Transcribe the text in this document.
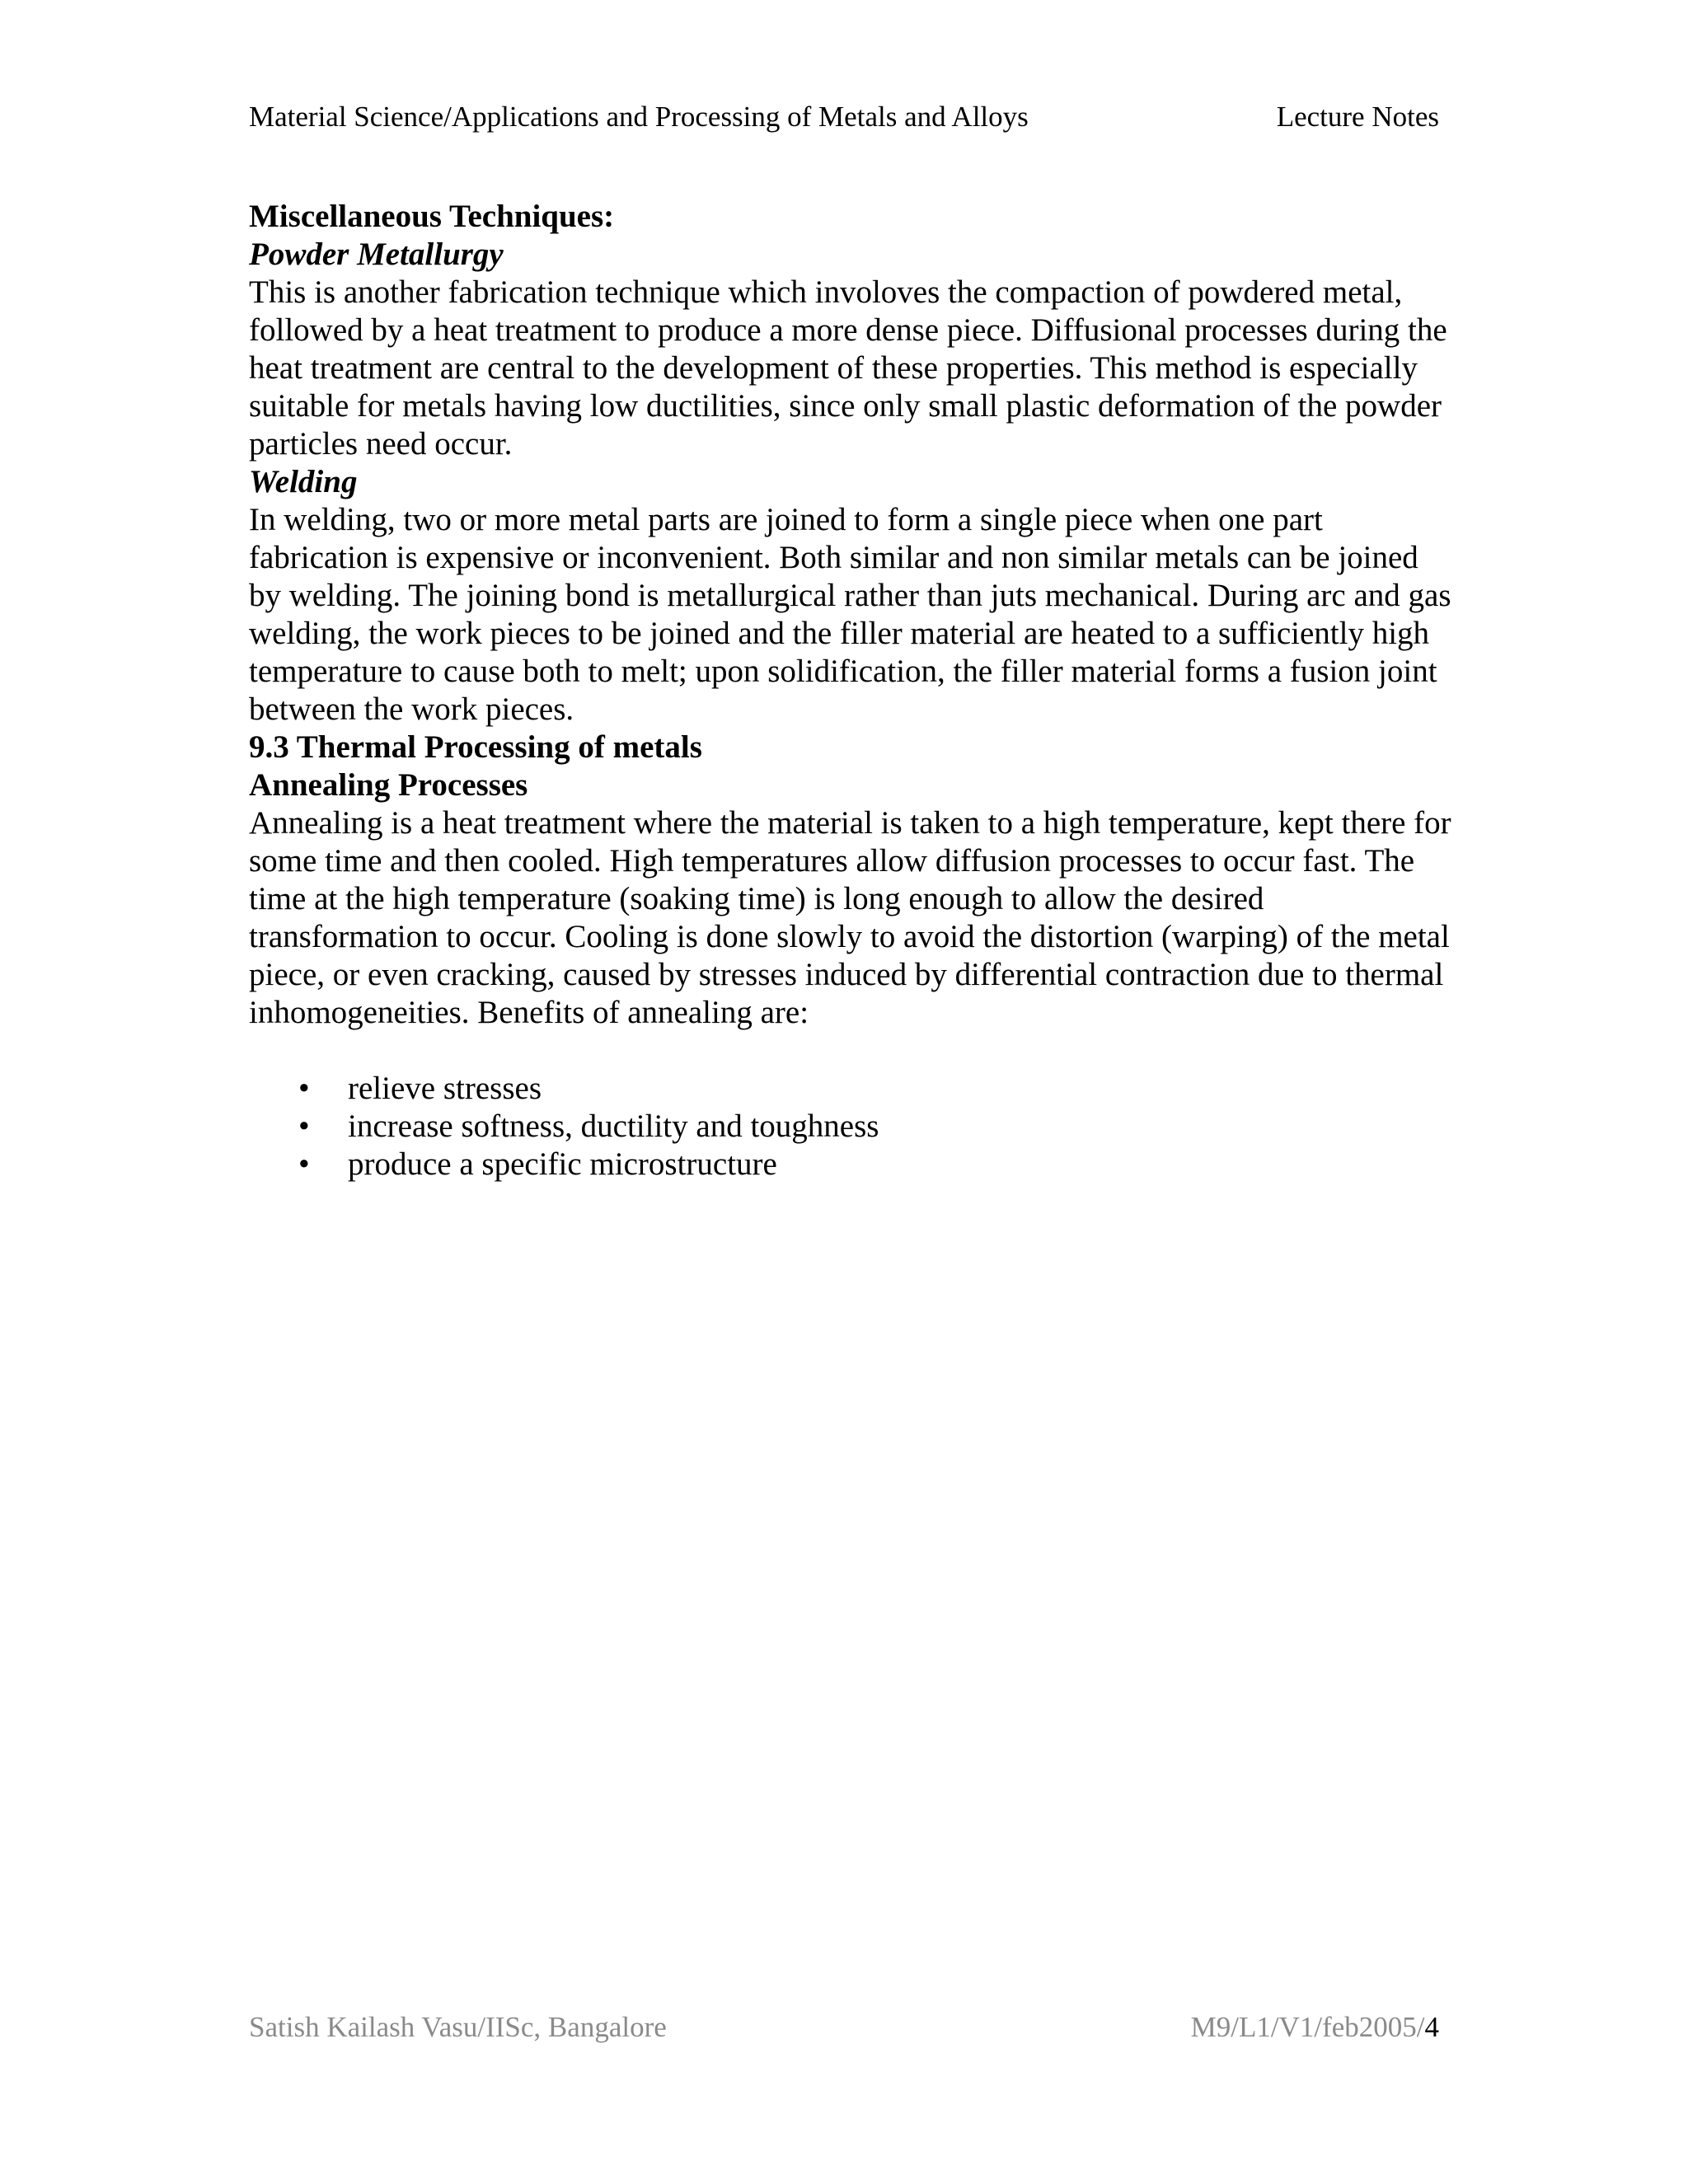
Material Science/Applications and Processing of Metals and Alloys	Lecture Notes

Miscellaneous Techniques:

Powder Metallurgy

This is another fabrication technique which involoves the compaction of powdered metal, followed by a heat treatment to produce a more dense piece. Diffusional processes during the heat treatment are central to the development of these properties. This method is especially suitable for metals having low ductilities, since only small plastic deformation of the powder particles need occur.

Welding

In welding, two or more metal parts are joined to form a single piece when one part fabrication is expensive or inconvenient. Both similar and non similar metals can be joined by welding. The joining bond is metallurgical rather than juts mechanical. During arc and gas welding, the work pieces to be joined and the filler material are heated to a sufficiently high temperature to cause both to melt; upon solidification, the filler material forms a fusion joint between the work pieces.

9.3 Thermal Processing of metals

Annealing Processes

Annealing is a heat treatment where the material is taken to a high temperature, kept there for some time and then cooled. High temperatures allow diffusion processes to occur fast. The time at the high temperature (soaking time) is long enough to allow the desired transformation to occur. Cooling is done slowly to avoid the distortion (warping) of the metal piece, or even cracking, caused by stresses induced by differential contraction due to thermal inhomogeneities. Benefits of annealing are:

• relieve stresses
• increase softness, ductility and toughness
• produce a specific microstructure
Satish Kailash Vasu/IISc, Bangalore	M9/L1/V1/feb2005/4
